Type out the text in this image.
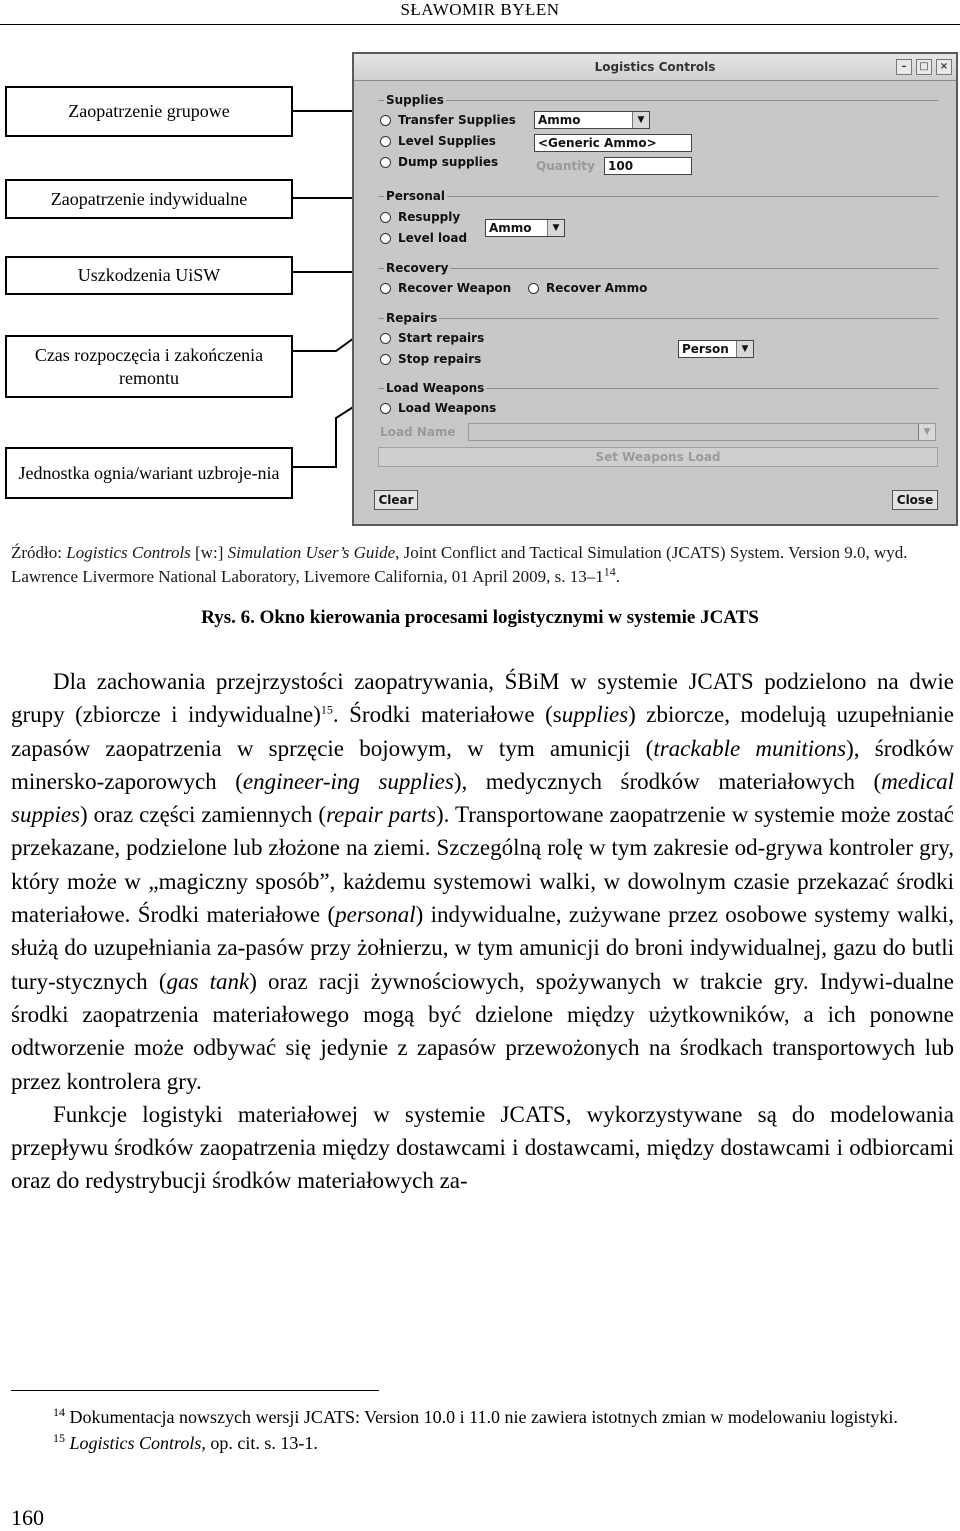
SŁAWOMIR BYŁEN
Zaopatrzenie grupowe
Zaopatrzenie indywidualne
Uszkodzenia UiSW
Czas rozpoczęcia i zakończenia remontu
Jednostka ognia/wariant uzbroje-nia
Logistics Controls	–	□	×
Supplies
Transfer Supplies
Level Supplies
Dump supplies
Ammo	▼
<Generic Ammo>
Quantity 100
Personal
Resupply
Level load
Ammo	▼
Recovery
Recover Weapon	Recover Ammo
Repairs
Start repairs
Stop repairs
Person	▼
Load Weapons
Load Weapons
Load Name	▼
Set Weapons Load
Clear	Close
Źródło: Logistics Controls [w:] Simulation User’s Guide, Joint Conflict and Tactical Simulation (JCATS) System. Version 9.0, wyd. Lawrence Livermore National Laboratory, Livemore California, 01 April 2009, s. $13-1^{14}$.
Rys. 6. Okno kierowania procesami logistycznymi w systemie JCATS

Dla zachowania przejrzystości zaopatrywania, ŚBiM w systemie JCATS podzielono na dwie grupy (zbiorcze i indywidualne)$^{15}$. Środki materiałowe (supplies) zbiorcze, modelują uzupełnianie zapasów zaopatrzenia w sprzęcie bojowym, w tym amunicji (trackable munitions), środków minersko-zaporowych (engineer-ing supplies), medycznych środków materiałowych (medical suppies) oraz części zamiennych (repair parts). Transportowane zaopatrzenie w systemie może zostać przekazane, podzielone lub złożone na ziemi. Szczególną rolę w tym zakresie od-grywa kontroler gry, który może w „magiczny sposób”, każdemu systemowi walki, w dowolnym czasie przekazać środki materiałowe. Środki materiałowe (personal) indywidualne, zużywane przez osobowe systemy walki, służą do uzupełniania za-pasów przy żołnierzu, w tym amunicji do broni indywidualnej, gazu do butli tury-stycznych (gas tank) oraz racji żywnościowych, spożywanych w trakcie gry. Indywi-dualne środki zaopatrzenia materiałowego mogą być dzielone między użytkowników, a ich ponowne odtworzenie może odbywać się jedynie z zapasów przewożonych na środkach transportowych lub przez kontrolera gry.

Funkcje logistyki materiałowej w systemie JCATS, wykorzystywane są do modelowania przepływu środków zaopatrzenia między dostawcami i dostawcami, między dostawcami i odbiorcami oraz do redystrybucji środków materiałowych za-

$^{14}$ Dokumentacja nowszych wersji JCATS: Version 10.0 i 11.0 nie zawiera istotnych zmian w modelowaniu logistyki.

$^{15}$ Logistics Controls, op. cit. s. 13-1.

160
